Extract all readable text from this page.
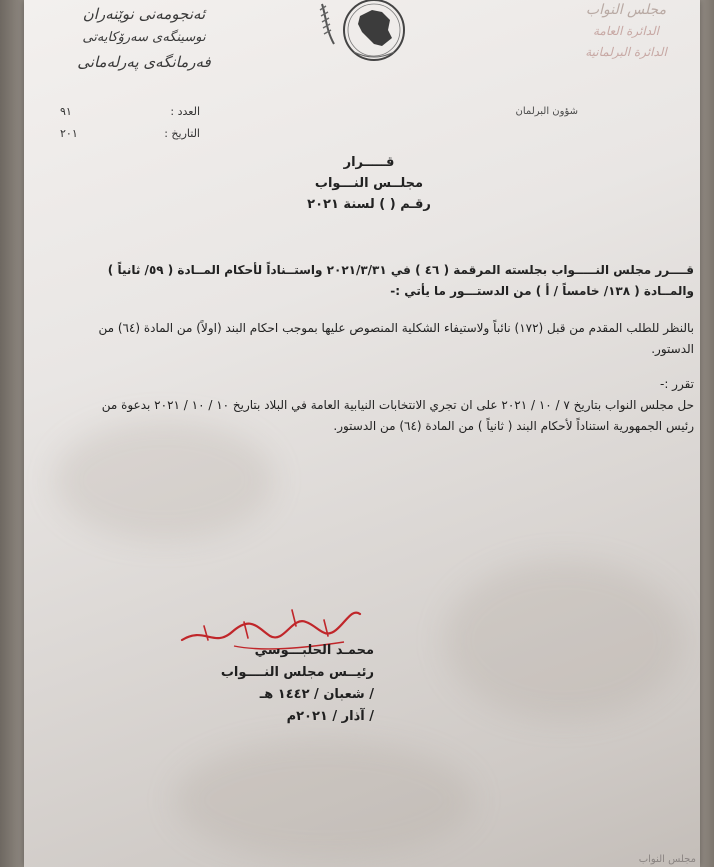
ئەنجومەنی نوێنەران
نوسینگەی سەرۆکایەتی
فەرمانگەی پەرلەمانی
مجلس النواب
الدائرة العامة
الدائرة البرلمانية
العدد :
٩١
التاريخ :
٢٠١
شؤون البرلمان
قـــــرار
مجلــس النـــواب
رقـم ( ) لسنة ٢٠٢١
قــــرر مجلس النـــــواب بجلسته المرقمة ( ٤٦ ) في ٢٠٢١/٣/٣١ واستــناداً لأحكام المــادة ( ٥٩/ ثانياً ) والمــادة ( ١٣٨/ خامساً / أ ) من الدستـــور ما يأتي :-
بالنظر للطلب المقدم من قبل (١٧٢) نائباً ولاستيفاء الشكلية المنصوص عليها بموجب احكام البند (اولاً) من المادة (٦٤) من الدستور.
تقرر :-
حل مجلس النواب بتاريخ ٧ / ١٠ / ٢٠٢١ على ان تجري الانتخابات النيابية العامة في البلاد بتاريخ ١٠ / ١٠ / ٢٠٢١ بدعوة من رئيس الجمهورية استناداً لأحكام البند ( ثانياً ) من المادة (٦٤) من الدستور.
محمـد الحلبـــوسي
رئيــس مجلس النــــواب
/ شعبان / ١٤٤٢ هـ
/ آذار / ٢٠٢١م
مجلس النواب
